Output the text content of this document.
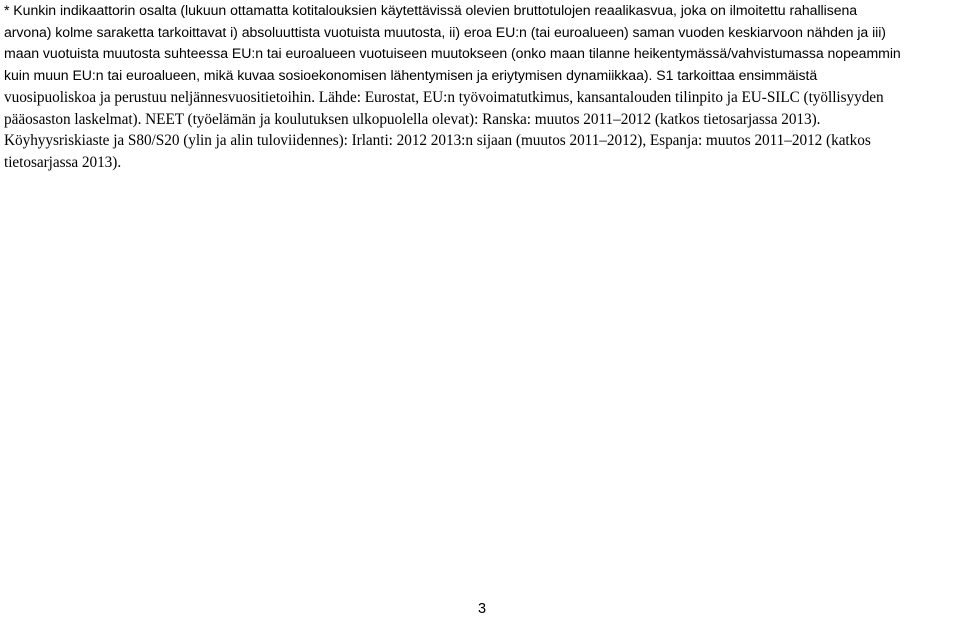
* Kunkin indikaattorin osalta (lukuun ottamatta kotitalouksien käytettävissä olevien bruttotulojen reaalikasvua, joka on ilmoitettu rahallisena
arvona) kolme saraketta tarkoittavat i) absoluuttista vuotuista muutosta, ii) eroa EU:n (tai euroalueen) saman vuoden keskiarvoon nähden ja iii)
maan vuotuista muutosta suhteessa EU:n tai euroalueen vuotuiseen muutokseen (onko maan tilanne heikentymässä/vahvistumassa nopeammin
kuin muun EU:n tai euroalueen, mikä kuvaa sosioekonomisen lähentymisen ja eriytymisen dynamiikkaa). S1 tarkoittaa ensimmäistä
vuosipuoliskoa ja perustuu neljännesvuositietoihin. Lähde: Eurostat, EU:n työvoimatutkimus, kansantalouden tilinpito ja EU-SILC (työllisyyden
pääosaston laskelmat). NEET (työelämän ja koulutuksen ulkopuolella olevat): Ranska: muutos 2011–2012 (katkos tietosarjassa 2013).
Köyhyysriskiaste ja S80/S20 (ylin ja alin tuloviidennes): Irlanti: 2012 2013:n sijaan (muutos 2011–2012), Espanja: muutos 2011–2012 (katkos
tietosarjassa 2013).
3
